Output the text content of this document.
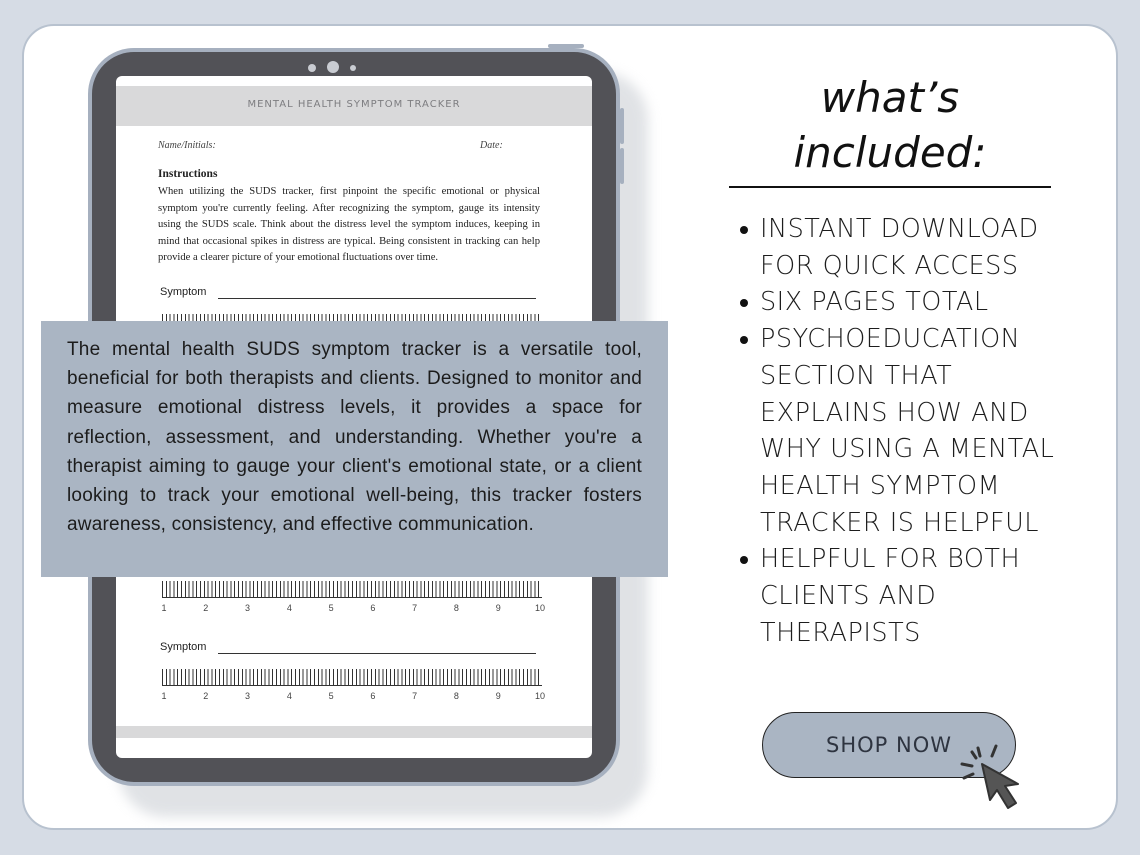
MENTAL HEALTH SYMPTOM TRACKER
Name/Initials:	Date:
Instructions
When utilizing the SUDS tracker, first pinpoint the specific emotional or physical symptom you're currently feeling. After recognizing the symptom, gauge its intensity using the SUDS scale. Think about the distress level the symptom induces, keeping in mind that occasional spikes in distress are typical. Being consistent in tracking can help provide a clearer picture of your emotional fluctuations over time.
Symptom
1	2	3	4	5	6	7	8	9	10
Symptom
1	2	3	4	5	6	7	8	9	10

The mental health SUDS symptom tracker is a versatile tool, beneficial for both therapists and clients. Designed to monitor and measure emotional distress levels, it provides a space for reflection, assessment, and understanding. Whether you're a therapist aiming to gauge your client's emotional state, or a client looking to track your emotional well-being, this tracker fosters awareness, consistency, and effective communication.

what’s
included:
INSTANT DOWNLOAD FOR QUICK ACCESS
SIX PAGES TOTAL
PSYCHOEDUCATION SECTION THAT EXPLAINS HOW AND WHY USING A MENTAL HEALTH SYMPTOM TRACKER IS HELPFUL
HELPFUL FOR BOTH CLIENTS AND THERAPISTS
SHOP NOW
